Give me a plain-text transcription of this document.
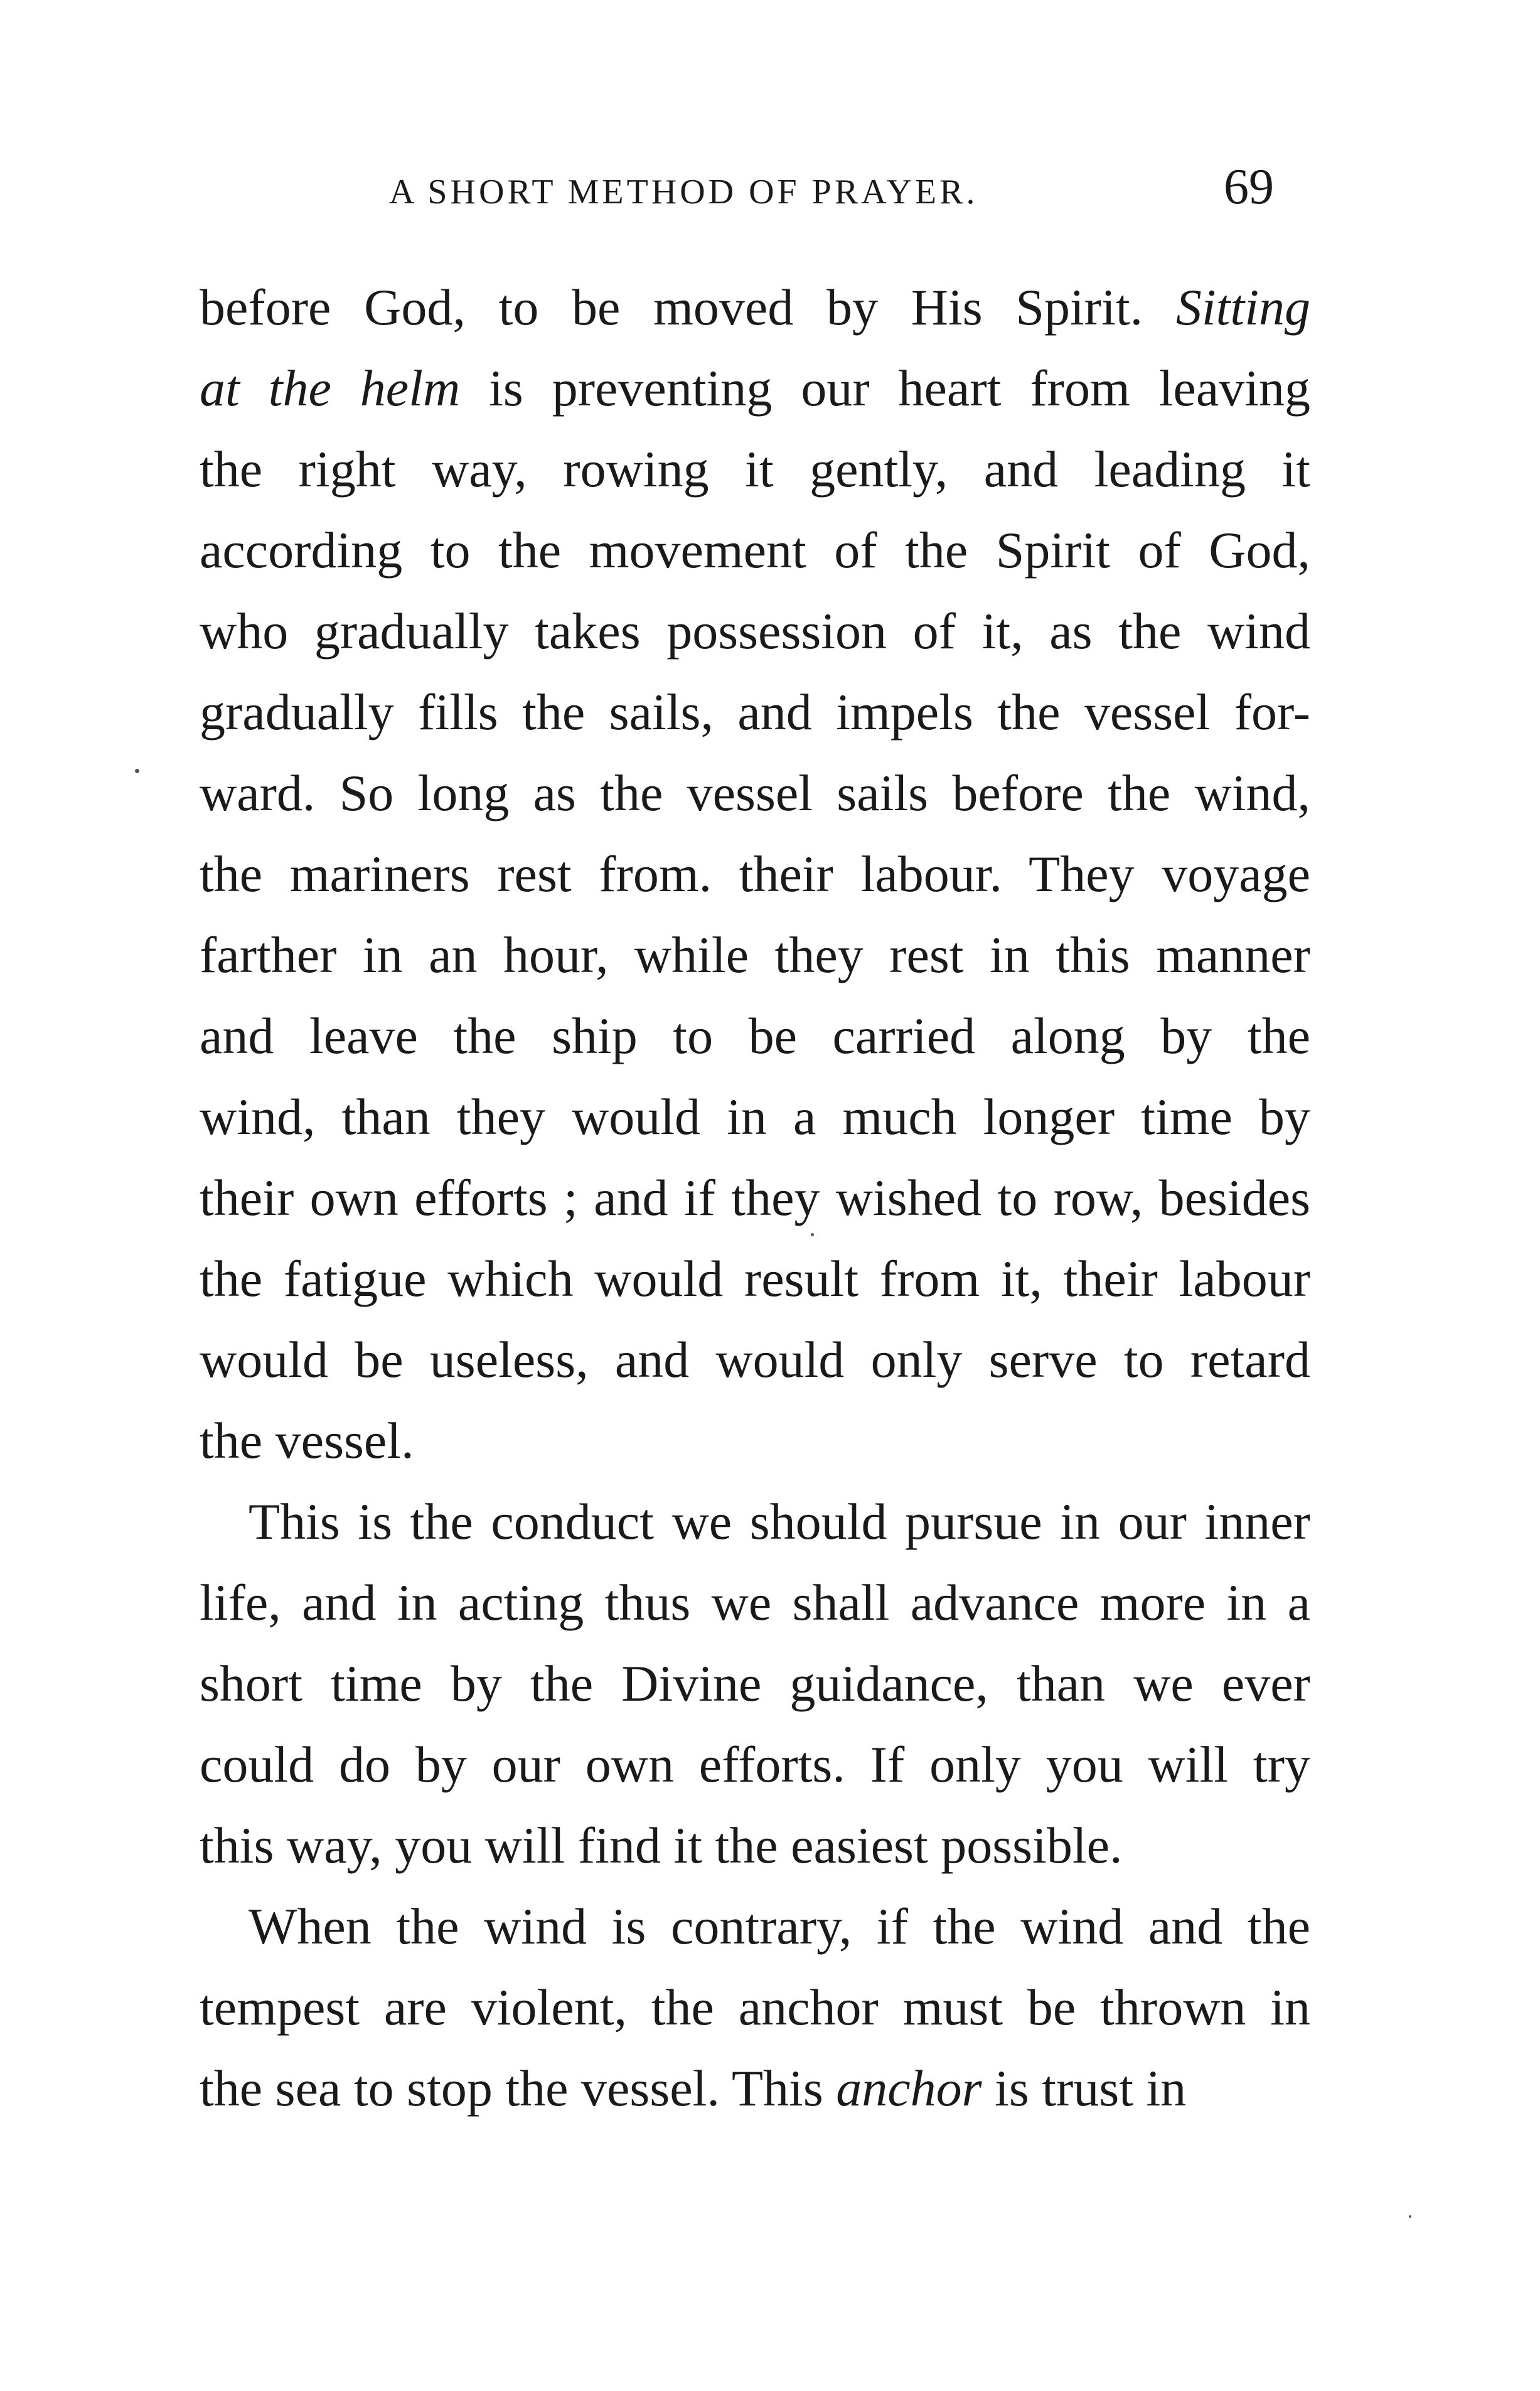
A SHORT METHOD OF PRAYER.	69
before God, to be moved by His Spirit. Sitting
at the helm is preventing our heart from leaving
the right way, rowing it gently, and leading it
according to the movement of the Spirit of God,
who gradually takes possession of it, as the wind
gradually fills the sails, and impels the vessel for-
ward. So long as the vessel sails before the wind,
the mariners rest from. their labour. They voyage
farther in an hour, while they rest in this manner
and leave the ship to be carried along by the
wind, than they would in a much longer time by
their own efforts ; and if they wished to row, besides
the fatigue which would result from it, their labour
would be useless, and would only serve to retard
the vessel.
This is the conduct we should pursue in our inner
life, and in acting thus we shall advance more in a
short time by the Divine guidance, than we ever
could do by our own efforts. If only you will try
this way, you will find it the easiest possible.
When the wind is contrary, if the wind and the
tempest are violent, the anchor must be thrown in
the sea to stop the vessel. This anchor is trust in
